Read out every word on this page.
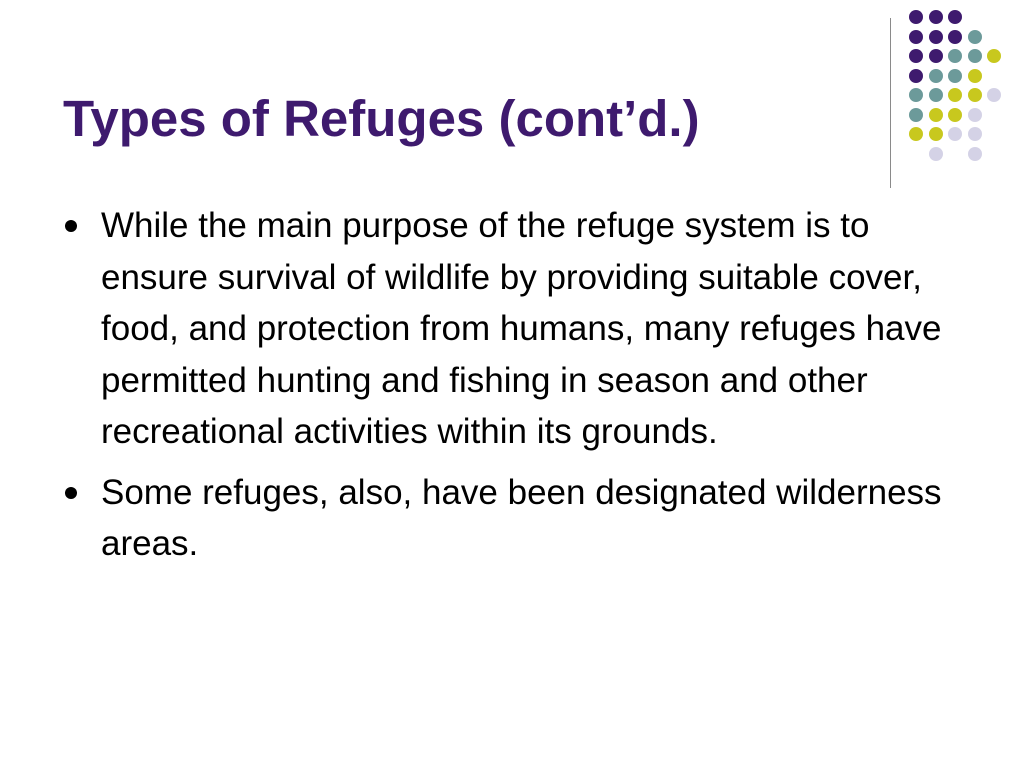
Types of Refuges (cont’d.)
While the main purpose of the refuge system is to ensure survival of wildlife by providing suitable cover, food, and protection from humans, many refuges have permitted hunting and fishing in season and other recreational activities within its grounds.
Some refuges, also, have been designated wilderness areas.
